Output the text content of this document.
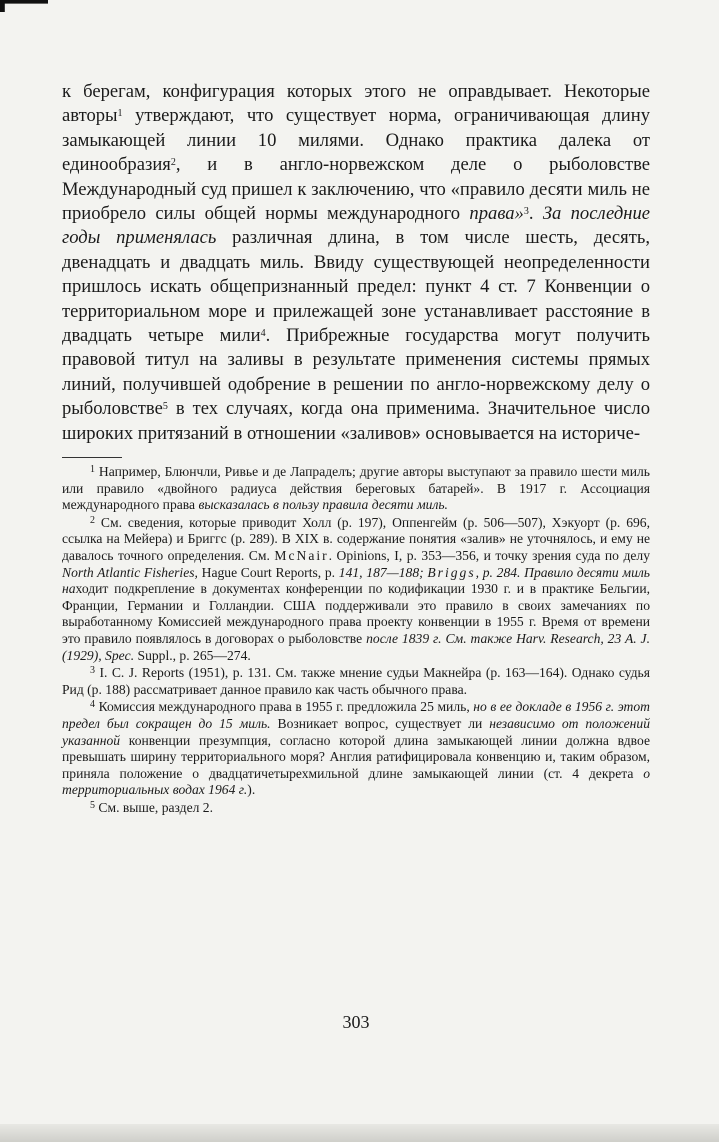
к берегам, конфигурация которых этого не оправдывает. Некоторые авторы$^1$ утверждают, что существует норма, ограничивающая длину замыкающей линии 10 милями. Однако практика далека от единообразия$^2$, и в англо-норвежском деле о рыболовстве Международный суд пришел к заключению, что «правило десяти миль не приобрело силы общей нормы международного права»$^3$. За последние годы применялась различная длина, в том числе шесть, десять, двенадцать и двадцать миль. Ввиду существующей неопределенности пришлось искать общепризнанный предел: пункт 4 ст. 7 Конвенции о территориальном море и прилежащей зоне устанавливает расстояние в двадцать четыре мили$^4$. Прибрежные государства могут получить правовой титул на заливы в результате применения системы прямых линий, получившей одобрение в решении по англо-норвежскому делу о рыболовстве$^5$ в тех случаях, когда она применима. Значительное число широких притязаний в отношении «заливов» основывается на историче-

$^1$ Например, Блюнчли, Ривье и де Лапраделъ; другие авторы выступают за правило шести миль или правило «двойного радиуса действия береговых батарей». В 1917 г. Ассоциация международного права высказалась в пользу правила десяти миль.

$^2$ См. сведения, которые приводит Холл (р. 197), Оппенгейм (р. 506—507), Хэкуорт (р. 696, ссылка на Мейера) и Бриггс (р. 289). В XIX в. содержание понятия «залив» не уточнялось, и ему не давалось точного определения. См. McNair. Opinions, I, p. 353—356, и точку зрения суда по делу North Atlantic Fisheries, Hague Court Reports, p. 141, 187—188; Briggs, p. 284. Правило десяти миль находит подкрепление в документах конференции по кодификации 1930 г. и в практике Бельгии, Франции, Германии и Голландии. США поддерживали это правило в своих замечаниях по выработанному Комиссией международного права проекту конвенции в 1955 г. Время от времени это правило появлялось в договорах о рыболовстве после 1839 г. См. также Harv. Research, 23 A. J. (1929), Spec. Suppl., p. 265—274.

$^3$ I. C. J. Reports (1951), p. 131. См. также мнение судьи Макнейра (р. 163—164). Однако судья Рид (р. 188) рассматривает данное правило как часть обычного права.

$^4$ Комиссия международного права в 1955 г. предложила 25 миль, но в ее докладе в 1956 г. этот предел был сокращен до 15 миль. Возникает вопрос, существует ли независимо от положений указанной конвенции презумпция, согласно которой длина замыкающей линии должна вдвое превышать ширину территориального моря? Англия ратифицировала конвенцию и, таким образом, приняла положение о двадцатичетырехмильной длине замыкающей линии (ст. 4 декрета о территориальных водах 1964 г.).

$^5$ См. выше, раздел 2.

303
